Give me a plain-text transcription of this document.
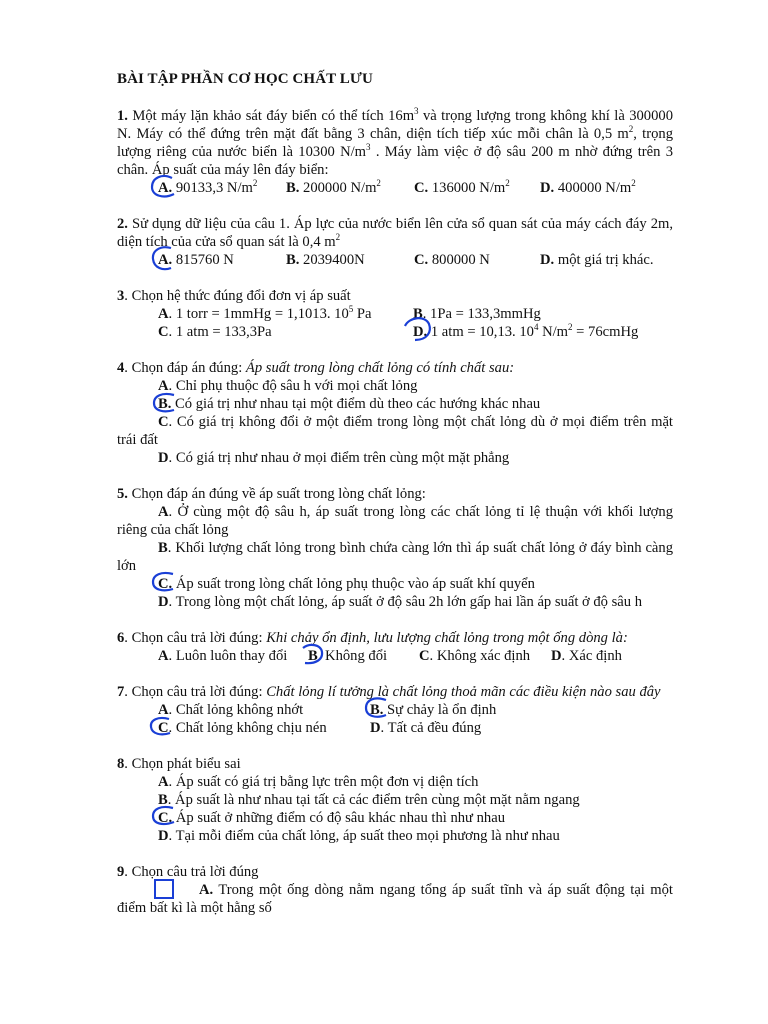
BÀI TẬP PHẦN CƠ HỌC CHẤT LƯU

1. Một máy lặn khảo sát đáy biển có thể tích $16m^3$ và trọng lượng trong không khí là 300000 N. Máy có thể đứng trên mặt đất bằng 3 chân, diện tích tiếp xúc mỗi chân là 0,5 $m^2$, trọng lượng riêng của nước biển là 10300 $N/m^3$ . Máy làm việc ở độ sâu 200 m nhờ đứng trên 3 chân. Áp suất của máy lên đáy biển:

A. 90133,3 $N/m^2$	B. 200000 $N/m^2$	C. 136000 $N/m^2$	D. 400000 $N/m^2$

2. Sử dụng dữ liệu của câu 1. Áp lực của nước biển lên cửa sổ quan sát của máy cách đáy 2m, diện tích của cửa sổ quan sát là 0,4 $m^2$

A. 815760 N	B. 2039400N	C. 800000 N	D. một giá trị khác.

3. Chọn hệ thức đúng đổi đơn vị áp suất

A. 1 torr = 1mmHg = 1,1013. $10^5$ Pa	B. 1Pa = 133,3mmHg
C. 1 atm = 133,3Pa	D. 1 atm = 10,13. $10^4$ $N/m^2$ = 76cmHg

4. Chọn đáp án đúng: Áp suất trong lòng chất lỏng có tính chất sau:

A. Chỉ phụ thuộc độ sâu h với mọi chất lỏng

B. Có giá trị như nhau tại một điểm dù theo các hướng khác nhau

C. Có giá trị không đổi ở một điểm trong lòng một chất lỏng dù ở mọi điểm trên mặt trái đất

D. Có giá trị như nhau ở mọi điểm trên cùng một mặt phẳng

5. Chọn đáp án đúng về áp suất trong lòng chất lỏng:

A. Ở cùng một độ sâu h, áp suất trong lòng các chất lỏng tỉ lệ thuận với khối lượng riêng của chất lỏng

B. Khối lượng chất lỏng trong bình chứa càng lớn thì áp suất chất lỏng ở đáy bình càng lớn

C. Áp suất trong lòng chất lỏng phụ thuộc vào áp suất khí quyển

D. Trong lòng một chất lỏng, áp suất ở độ sâu 2h lớn gấp hai lần áp suất ở độ sâu h

6. Chọn câu trả lời đúng: Khi chảy ổn định, lưu lượng chất lỏng trong một ống dòng là:

A. Luôn luôn thay đổi	B. Không đổi	C. Không xác định	D. Xác định

7. Chọn câu trả lời đúng: Chất lỏng lí tưởng là chất lỏng thoả mãn các điều kiện nào sau đây

A. Chất lỏng không nhớt	B. Sự chảy là ổn định
C. Chất lỏng không chịu nén	D. Tất cả đều đúng

8. Chọn phát biểu sai

A. Áp suất có giá trị bằng lực trên một đơn vị diện tích

B. Áp suất là như nhau tại tất cả các điểm trên cùng một mặt nằm ngang

C. Áp suất ở những điểm có độ sâu khác nhau thì như nhau

D. Tại mỗi điểm của chất lỏng, áp suất theo mọi phương là như nhau

9. Chọn câu trả lời đúng

A. Trong một ống dòng nằm ngang tổng áp suất tĩnh và áp suất động tại một điểm bất kì là một hằng số
